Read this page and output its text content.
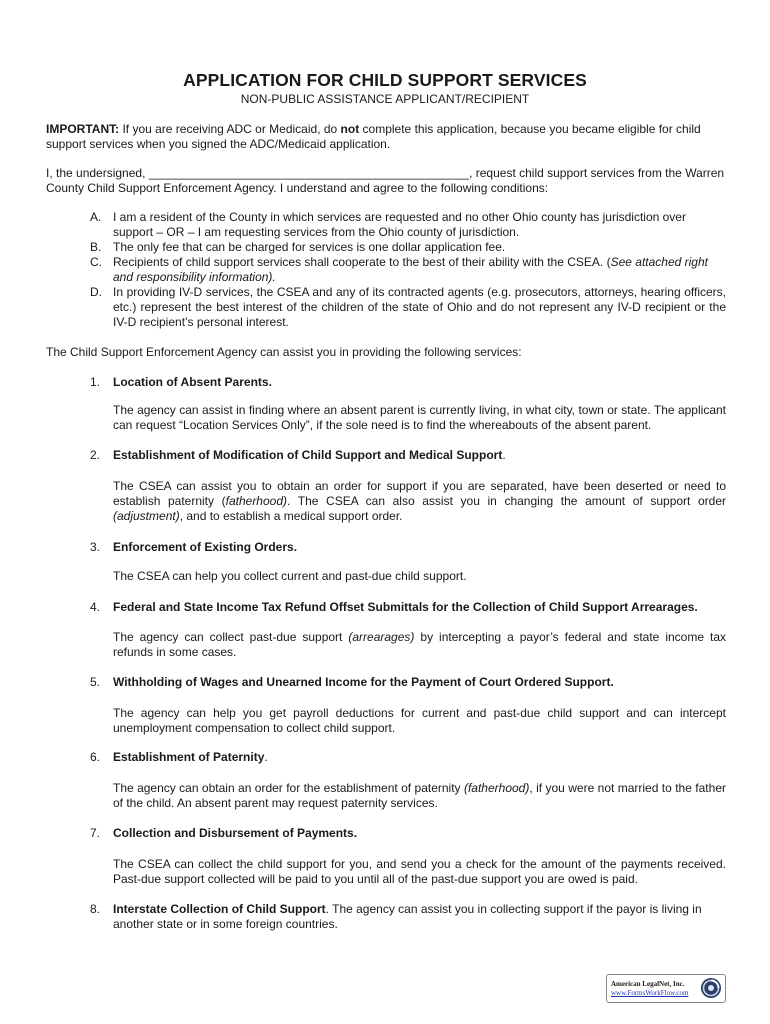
APPLICATION FOR CHILD SUPPORT SERVICES
NON-PUBLIC ASSISTANCE APPLICANT/RECIPIENT
IMPORTANT: If you are receiving ADC or Medicaid, do not complete this application, because you became eligible for child support services when you signed the ADC/Medicaid application.
I, the undersigned, ________________________________________________, request child support services from the Warren County Child Support Enforcement Agency. I understand and agree to the following conditions:
A. I am a resident of the County in which services are requested and no other Ohio county has jurisdiction over support – OR – I am requesting services from the Ohio county of jurisdiction.
B. The only fee that can be charged for services is one dollar application fee.
C. Recipients of child support services shall cooperate to the best of their ability with the CSEA. (See attached right and responsibility information).
D. In providing IV-D services, the CSEA and any of its contracted agents (e.g. prosecutors, attorneys, hearing officers, etc.) represent the best interest of the children of the state of Ohio and do not represent any IV-D recipient or the IV-D recipient’s personal interest.
The Child Support Enforcement Agency can assist you in providing the following services:
1. Location of Absent Parents.
The agency can assist in finding where an absent parent is currently living, in what city, town or state. The applicant can request “Location Services Only”, if the sole need is to find the whereabouts of the absent parent.
2. Establishment of Modification of Child Support and Medical Support.
The CSEA can assist you to obtain an order for support if you are separated, have been deserted or need to establish paternity (fatherhood). The CSEA can also assist you in changing the amount of support order (adjustment), and to establish a medical support order.
3. Enforcement of Existing Orders.
The CSEA can help you collect current and past-due child support.
4. Federal and State Income Tax Refund Offset Submittals for the Collection of Child Support Arrearages.
The agency can collect past-due support (arrearages) by intercepting a payor’s federal and state income tax refunds in some cases.
5. Withholding of Wages and Unearned Income for the Payment of Court Ordered Support.
The agency can help you get payroll deductions for current and past-due child support and can intercept unemployment compensation to collect child support.
6. Establishment of Paternity.
The agency can obtain an order for the establishment of paternity (fatherhood), if you were not married to the father of the child. An absent parent may request paternity services.
7. Collection and Disbursement of Payments.
The CSEA can collect the child support for you, and send you a check for the amount of the payments received. Past-due support collected will be paid to you until all of the past-due support you are owed is paid.
8. Interstate Collection of Child Support. The agency can assist you in collecting support if the payor is living in another state or in some foreign countries.
American LegalNet, Inc.
www.FormsWorkFlow.com
